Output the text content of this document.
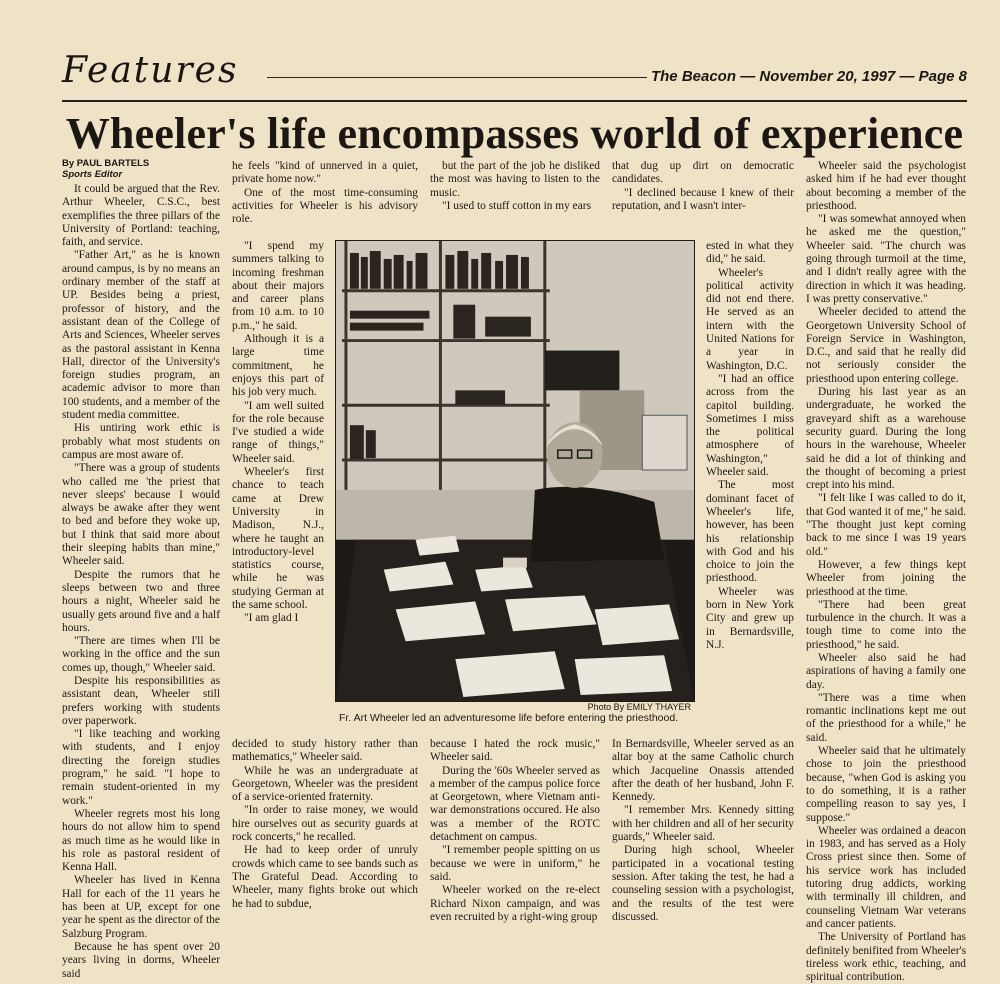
Features	The Beacon — November 20, 1997 — Page 8
Wheeler's life encompasses world of experience

By PAUL BARTELS

Sports Editor

It could be argued that the Rev. Arthur Wheeler, C.S.C., best exemplifies the three pillars of the University of Portland: teaching, faith, and service.

"Father Art," as he is known around campus, is by no means an ordinary member of the staff at UP. Besides being a priest, professor of history, and the assistant dean of the College of Arts and Sciences, Wheeler serves as the pastoral assistant in Kenna Hall, director of the University's foreign studies program, an academic advisor to more than 100 students, and a member of the student media committee.

His untiring work ethic is probably what most students on campus are most aware of.

"There was a group of students who called me 'the priest that never sleeps' because I would always be awake after they went to bed and before they woke up, but I think that said more about their sleeping habits than mine," Wheeler said.

Despite the rumors that he sleeps between two and three hours a night, Wheeler said he usually gets around five and a half hours.

"There are times when I'll be working in the office and the sun comes up, though," Wheeler said.

Despite his responsibilities as assistant dean, Wheeler still prefers working with students over paperwork.

"I like teaching and working with students, and I enjoy directing the foreign studies program," he said. "I hope to remain student-oriented in my work."

Wheeler regrets most his long hours do not allow him to spend as much time as he would like in his role as pastoral resident of Kenna Hall.

Wheeler has lived in Kenna Hall for each of the 11 years he has been at UP, except for one year he spent as the director of the Salzburg Program.

Because he has spent over 20 years living in dorms, Wheeler said

he feels "kind of unnerved in a quiet, private home now."

One of the most time-consuming activities for Wheeler is his advisory role.

"I spend my summers talking to incoming freshman about their majors and career plans from 10 a.m. to 10 p.m.," he said.

Although it is a large time commitment, he enjoys this part of his job very much.

"I am well suited for the role because I've studied a wide range of things," Wheeler said.

Wheeler's first chance to teach came at Drew University in Madison, N.J., where he taught an introductory-level statistics course, while he was studying German at the same school.

"I am glad I

decided to study history rather than mathematics," Wheeler said.

While he was an undergraduate at Georgetown, Wheeler was the president of a service-oriented fraternity.

"In order to raise money, we would hire ourselves out as security guards at rock concerts," he recalled.

He had to keep order of unruly crowds which came to see bands such as The Grateful Dead. According to Wheeler, many fights broke out which he had to subdue,

but the part of the job he disliked the most was having to listen to the music.

"I used to stuff cotton in my ears

because I hated the rock music," Wheeler said.

During the '60s Wheeler served as a member of the campus police force at Georgetown, where Vietnam anti-war demonstrations occured. He also was a member of the ROTC detachment on campus.

"I remember people spitting on us because we were in uniform," he said.

Wheeler worked on the re-elect Richard Nixon campaign, and was even recruited by a right-wing group

that dug up dirt on democratic candidates.

"I declined because I knew of their reputation, and I wasn't inter-

ested in what they did," he said.

Wheeler's political activity did not end there. He served as an intern with the United Nations for a year in Washington, D.C.

"I had an office across from the capitol building. Sometimes I miss the political atmosphere of Washington," Wheeler said.

The most dominant facet of Wheeler's life, however, has been his relationship with God and his choice to join the priesthood.

Wheeler was born in New York City and grew up in Bernardsville, N.J.

In Bernardsville, Wheeler served as an altar boy at the same Catholic church which Jacqueline Onassis attended after the death of her husband, John F. Kennedy.

"I remember Mrs. Kennedy sitting with her children and all of her security guards," Wheeler said.

During high school, Wheeler participated in a vocational testing session. After taking the test, he had a counseling session with a psychologist, and the results of the test were discussed.

Wheeler said the psychologist asked him if he had ever thought about becoming a member of the priesthood.

"I was somewhat annoyed when he asked me the question," Wheeler said. "The church was going through turmoil at the time, and I didn't really agree with the direction in which it was heading. I was pretty conservative."

Wheeler decided to attend the Georgetown University School of Foreign Service in Washington, D.C., and said that he really did not seriously consider the priesthood upon entering college.

During his last year as an undergraduate, he worked the graveyard shift as a warehouse security guard. During the long hours in the warehouse, Wheeler said he did a lot of thinking and the thought of becoming a priest crept into his mind.

"I felt like I was called to do it, that God wanted it of me," he said. "The thought just kept coming back to me since I was 19 years old."

However, a few things kept Wheeler from joining the priesthood at the time.

"There had been great turbulence in the church. It was a tough time to come into the priesthood," he said.

Wheeler also said he had aspirations of having a family one day.

"There was a time when romantic inclinations kept me out of the priesthood for a while," he said.

Wheeler said that he ultimately chose to join the priesthood because, "when God is asking you to do something, it is a rather compelling reason to say yes, I suppose."

Wheeler was ordained a deacon in 1983, and has served as a Holy Cross priest since then. Some of his service work has included tutoring drug addicts, working with terminally ill children, and counseling Vietnam War veterans and cancer patients.

The University of Portland has definitely benifited from Wheeler's tireless work ethic, teaching, and spiritual contribution.

Photo By EMILY THAYER
Fr. Art Wheeler led an adventuresome life before entering the priesthood.
